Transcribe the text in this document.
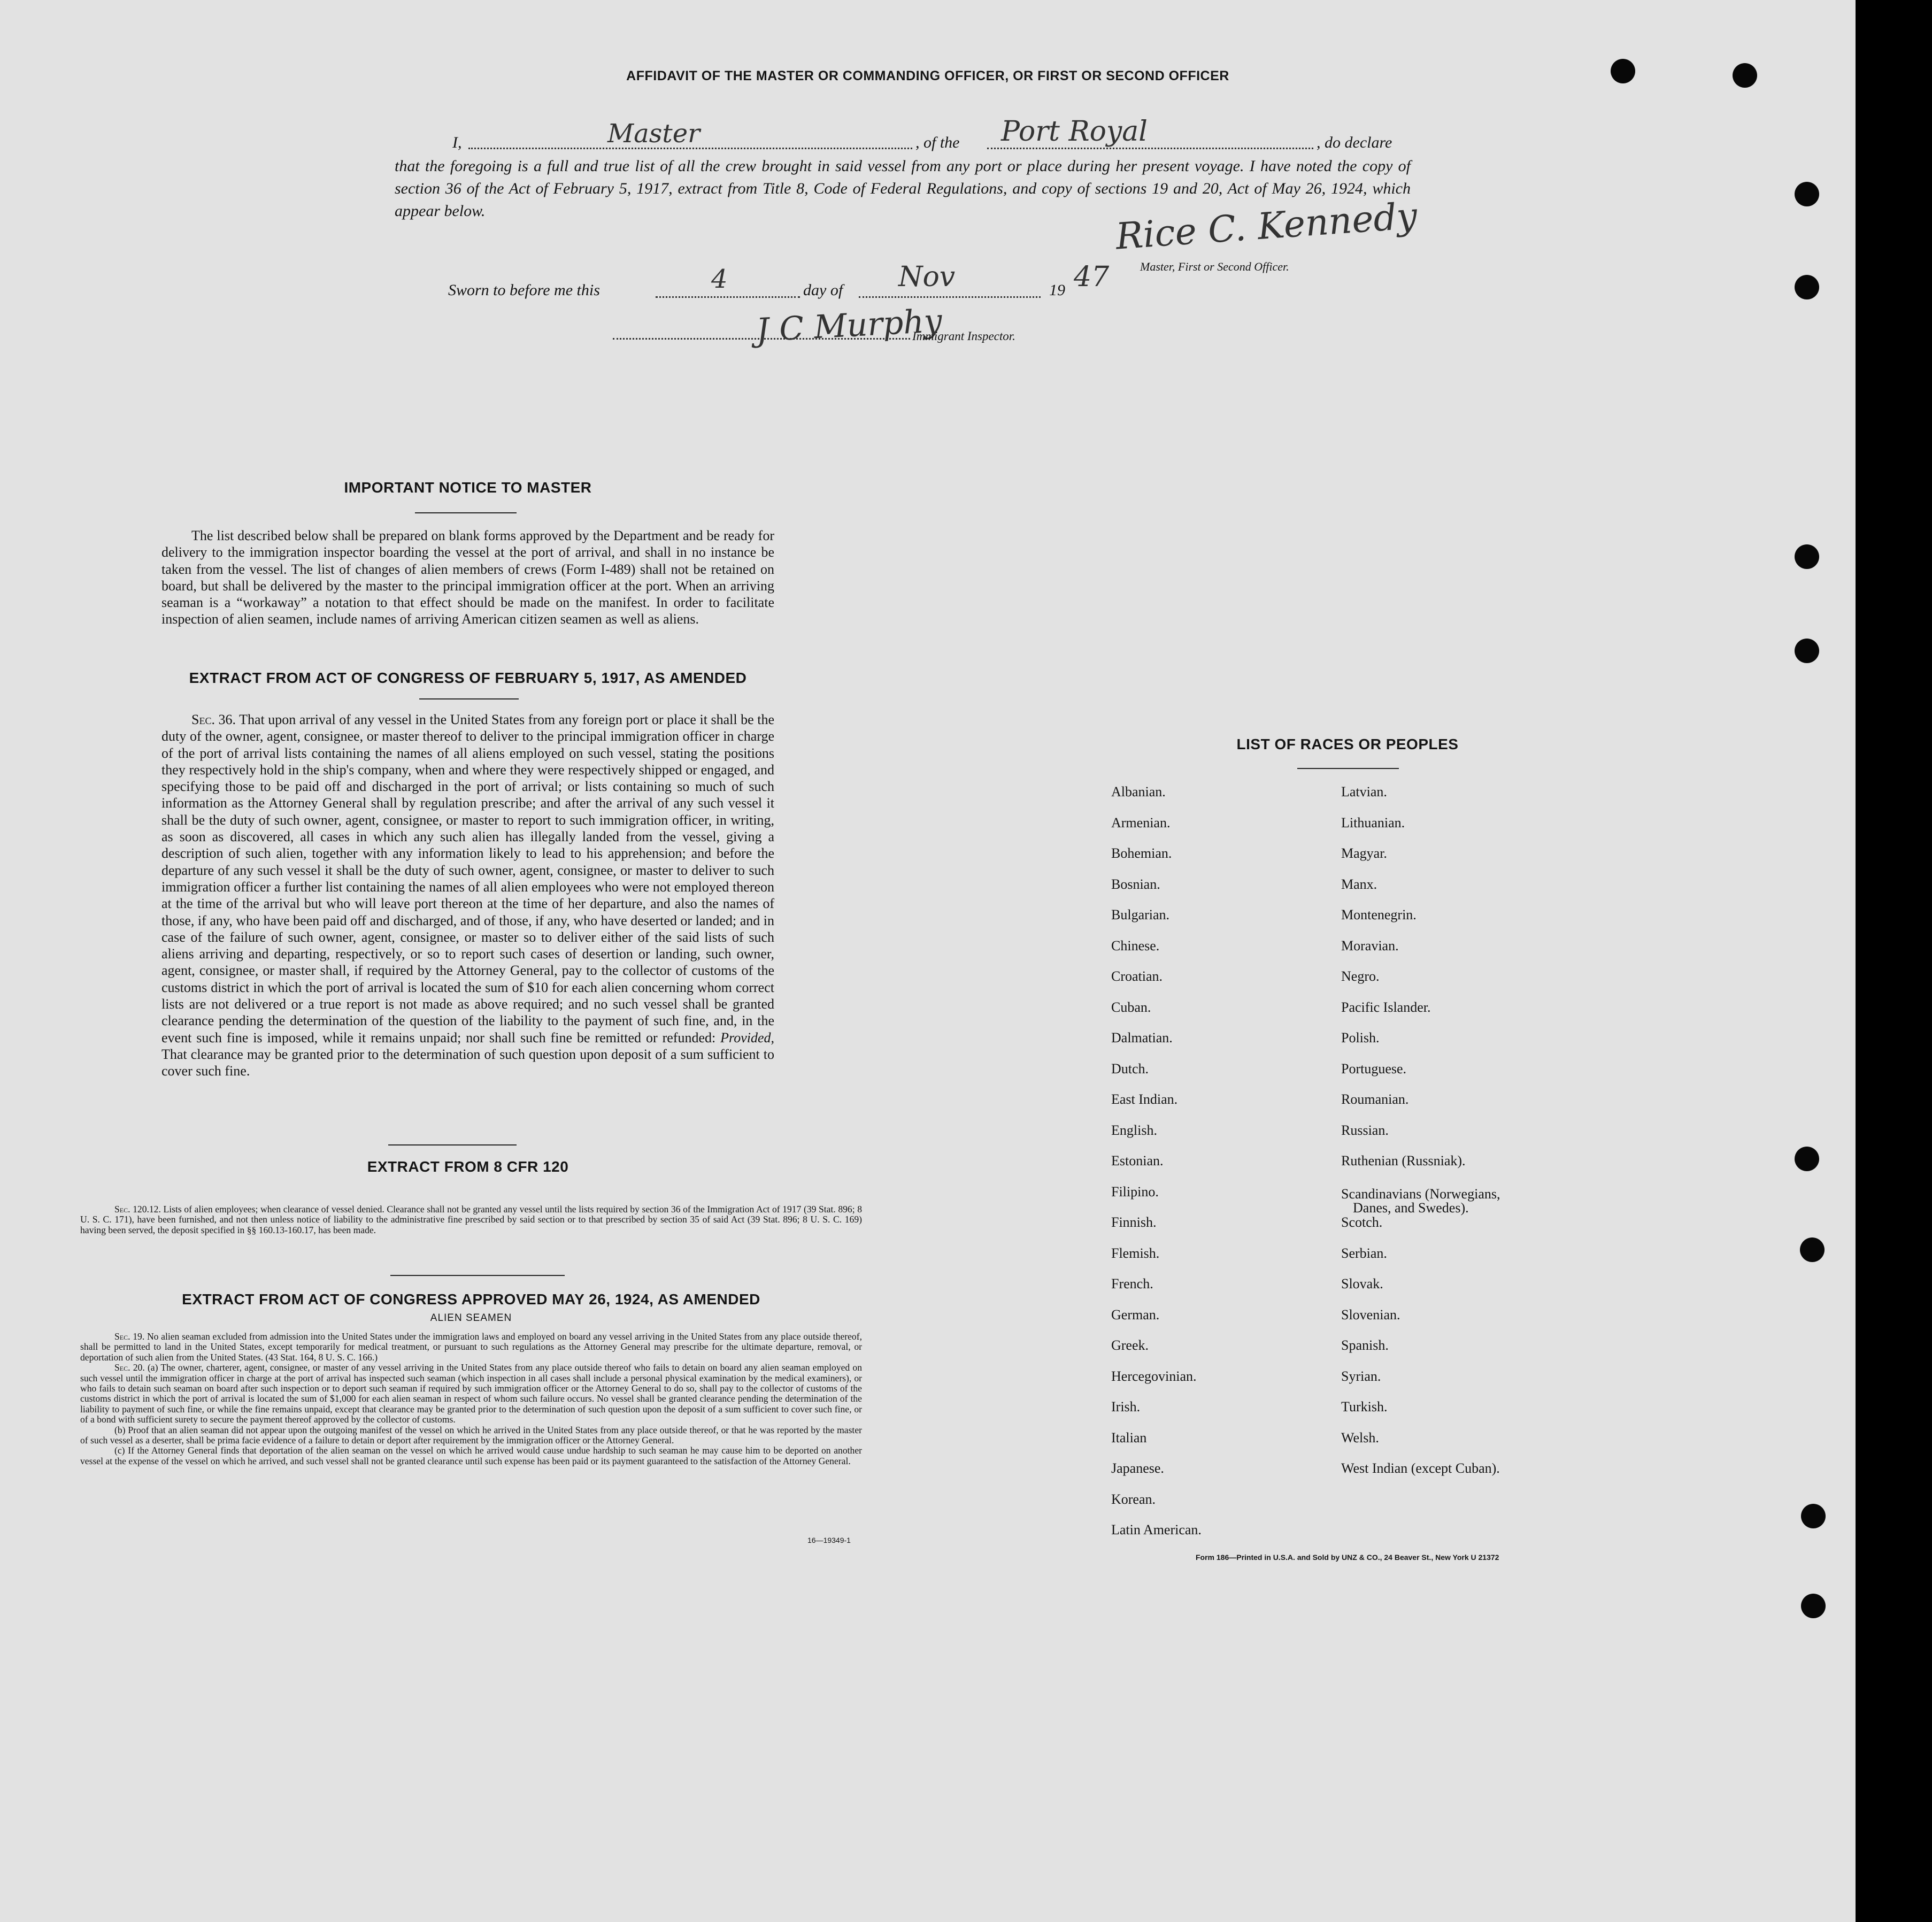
AFFIDAVIT OF THE MASTER OR COMMANDING OFFICER, OR FIRST OR SECOND OFFICER
I,	Master	, of the Port Royal	, do declare
that the foregoing is a full and true list of all the crew brought in said vessel from any port or place during her present voyage. I have noted the copy of section 36 of the Act of February 5, 1917, extract from Title 8, Code of Federal Regulations, and copy of sections 19 and 20, Act of May 26, 1924, which appear below.	Rice C. Kennedy
Master, First or Second Officer.
Sworn to before me this	4	day of Nov	19 47
J C Murphy
Immigrant Inspector.
IMPORTANT NOTICE TO MASTER
The list described below shall be prepared on blank forms approved by the Department and be ready for delivery to the immigration inspector boarding the vessel at the port of arrival, and shall in no instance be taken from the vessel. The list of changes of alien members of crews (Form I-489) shall not be retained on board, but shall be delivered by the master to the principal immigration officer at the port. When an arriving seaman is a “workaway” a notation to that effect should be made on the manifest. In order to facilitate inspection of alien seamen, include names of arriving American citizen seamen as well as aliens.
EXTRACT FROM ACT OF CONGRESS OF FEBRUARY 5, 1917, AS AMENDED
Sec. 36. That upon arrival of any vessel in the United States from any foreign port or place it shall be the duty of the owner, agent, consignee, or master thereof to deliver to the principal immigration officer in charge of the port of arrival lists containing the names of all aliens employed on such vessel, stating the positions they respectively hold in the ship's company, when and where they were respectively shipped or engaged, and specifying those to be paid off and discharged in the port of arrival; or lists containing so much of such information as the Attorney General shall by regulation prescribe; and after the arrival of any such vessel it shall be the duty of such owner, agent, consignee, or master to report to such immigration officer, in writing, as soon as discovered, all cases in which any such alien has illegally landed from the vessel, giving a description of such alien, together with any information likely to lead to his apprehension; and before the departure of any such vessel it shall be the duty of such owner, agent, consignee, or master to deliver to such immigration officer a further list containing the names of all alien employees who were not employed thereon at the time of the arrival but who will leave port thereon at the time of her departure, and also the names of those, if any, who have been paid off and discharged, and of those, if any, who have deserted or landed; and in case of the failure of such owner, agent, consignee, or master so to deliver either of the said lists of such aliens arriving and departing, respectively, or so to report such cases of desertion or landing, such owner, agent, consignee, or master shall, if required by the Attorney General, pay to the collector of customs of the customs district in which the port of arrival is located the sum of $10 for each alien concerning whom correct lists are not delivered or a true report is not made as above required; and no such vessel shall be granted clearance pending the determination of the question of the liability to the payment of such fine, and, in the event such fine is imposed, while it remains unpaid; nor shall such fine be remitted or refunded: Provided, That clearance may be granted prior to the determination of such question upon deposit of a sum sufficient to cover such fine.
EXTRACT FROM 8 CFR 120
Sec. 120.12. Lists of alien employees; when clearance of vessel denied. Clearance shall not be granted any vessel until the lists required by section 36 of the Immigration Act of 1917 (39 Stat. 896; 8 U. S. C. 171), have been furnished, and not then unless notice of liability to the administrative fine prescribed by said section or to that prescribed by section 35 of said Act (39 Stat. 896; 8 U. S. C. 169) having been served, the deposit specified in §§ 160.13-160.17, has been made.
EXTRACT FROM ACT OF CONGRESS APPROVED MAY 26, 1924, AS AMENDED
ALIEN SEAMEN
Sec. 19. No alien seaman excluded from admission into the United States under the immigration laws and employed on board any vessel arriving in the United States from any place outside thereof, shall be permitted to land in the United States, except temporarily for medical treatment, or pursuant to such regulations as the Attorney General may prescribe for the ultimate departure, removal, or deportation of such alien from the United States. (43 Stat. 164, 8 U. S. C. 166.)
Sec. 20. (a) The owner, charterer, agent, consignee, or master of any vessel arriving in the United States from any place outside thereof who fails to detain on board any alien seaman employed on such vessel until the immigration officer in charge at the port of arrival has inspected such seaman (which inspection in all cases shall include a personal physical examination by the medical examiners), or who fails to detain such seaman on board after such inspection or to deport such seaman if required by such immigration officer or the Attorney General to do so, shall pay to the collector of customs of the customs district in which the port of arrival is located the sum of $1,000 for each alien seaman in respect of whom such failure occurs. No vessel shall be granted clearance pending the determination of the liability to payment of such fine, or while the fine remains unpaid, except that clearance may be granted prior to the determination of such question upon the deposit of a sum sufficient to cover such fine, or of a bond with sufficient surety to secure the payment thereof approved by the collector of customs.
(b) Proof that an alien seaman did not appear upon the outgoing manifest of the vessel on which he arrived in the United States from any place outside thereof, or that he was reported by the master of such vessel as a deserter, shall be prima facie evidence of a failure to detain or deport after requirement by the immigration officer or the Attorney General.
(c) If the Attorney General finds that deportation of the alien seaman on the vessel on which he arrived would cause undue hardship to such seaman he may cause him to be deported on another vessel at the expense of the vessel on which he arrived, and such vessel shall not be granted clearance until such expense has been paid or its payment guaranteed to the satisfaction of the Attorney General.
16—19349-1
LIST OF RACES OR PEOPLES
Form 186—Printed in U.S.A. and Sold by UNZ & CO., 24 Beaver St., New York U 21372
Albanian.
Armenian.
Bohemian.
Bosnian.
Bulgarian.
Chinese.
Croatian.
Cuban.
Dalmatian.
Dutch.
East Indian.
English.
Estonian.
Filipino.
Finnish.
Flemish.
French.
German.
Greek.
Hercegovinian.
Irish.
Italian
Japanese.
Korean.
Latin American.
Latvian.
Lithuanian.
Magyar.
Manx.
Montenegrin.
Moravian.
Negro.
Pacific Islander.
Polish.
Portuguese.
Roumanian.
Russian.
Ruthenian (Russniak).
Scandinavians (Norwegians,
Danes, and Swedes).
Scotch.
Serbian.
Slovak.
Slovenian.
Spanish.
Syrian.
Turkish.
Welsh.
West Indian (except Cuban).
